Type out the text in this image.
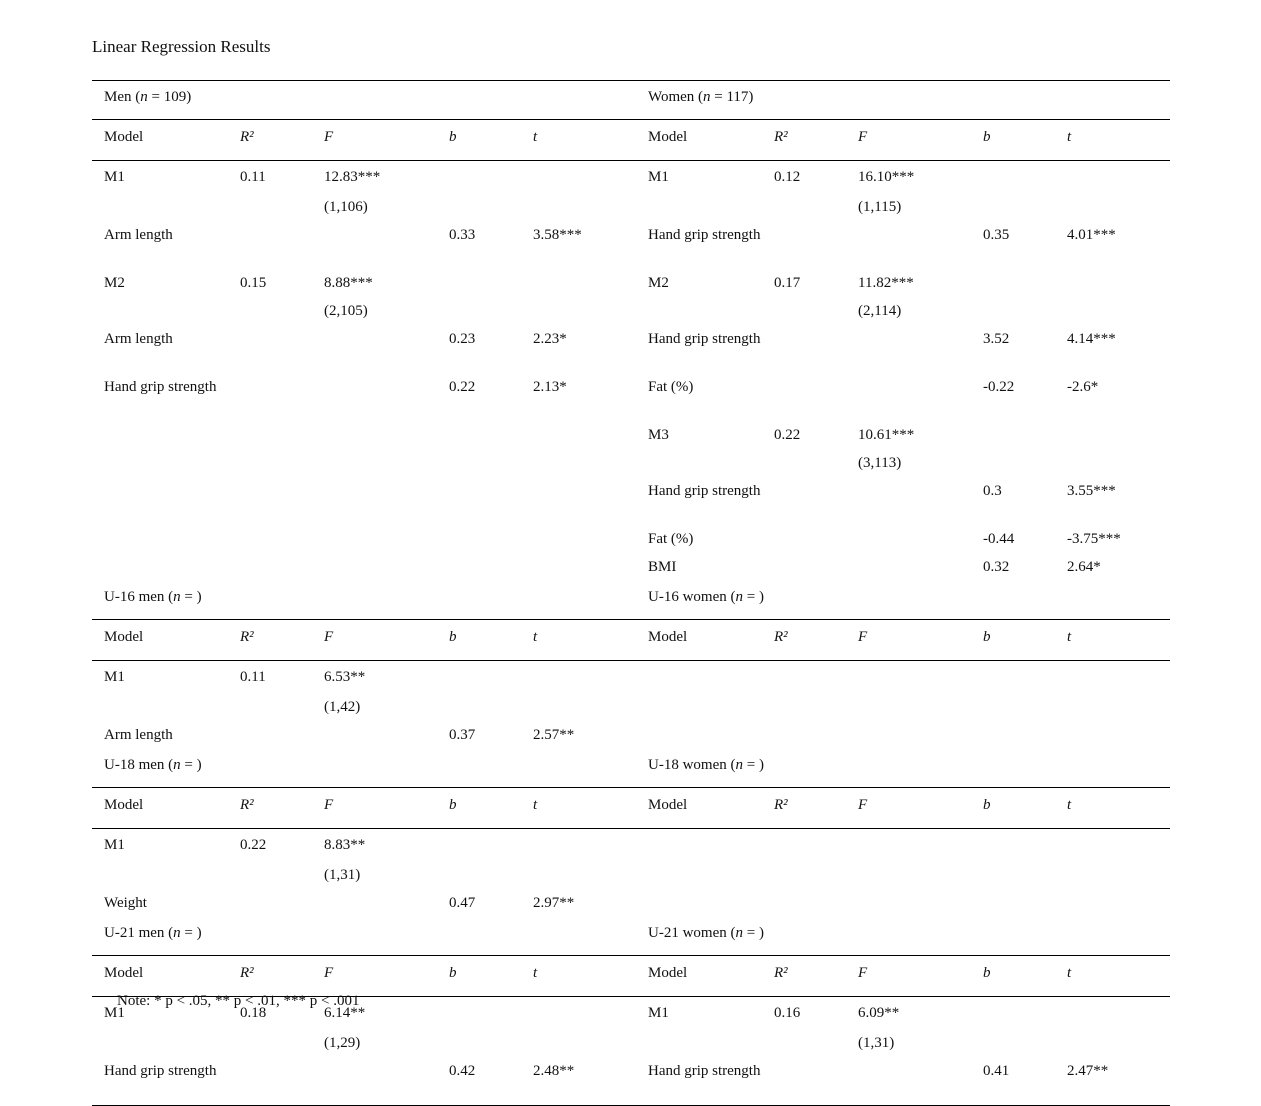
Linear Regression Results
Men (n = 109)					Women (n = 117)				
Model	R²	F	b	t	Model	R²	F	b	t
M1	0.11	12.83***			M1	0.12	16.10***		
		(1,106)					(1,115)		
Arm length			0.33	3.58***	Hand grip strength			0.35	4.01***
M2	0.15	8.88***			M2	0.17	11.82***		
		(2,105)					(2,114)		
Arm length			0.23	2.23*	Hand grip strength			3.52	4.14***
Hand grip strength			0.22	2.13*	Fat (%)			-0.22	-2.6*
					M3	0.22	10.61***		
							(3,113)		
					Hand grip strength			0.3	3.55***
					Fat (%)			-0.44	-3.75***
					BMI			0.32	2.64*
U-16 men (n = )					U-16 women (n = )				
Model	R²	F	b	t	Model	R²	F	b	t
M1	0.11	6.53**							
		(1,42)							
Arm length			0.37	2.57**					
U-18 men (n = )					U-18 women (n = )				
Model	R²	F	b	t	Model	R²	F	b	t
M1	0.22	8.83**							
		(1,31)							
Weight			0.47	2.97**					
U-21 men (n = )					U-21 women (n = )				
Model	R²	F	b	t	Model	R²	F	b	t
M1	0.18	6.14**			M1	0.16	6.09**		
		(1,29)					(1,31)		
Hand grip strength			0.42	2.48**	Hand grip strength			0.41	2.47**
Note: * p < .05, ** p < .01, *** p < .001
